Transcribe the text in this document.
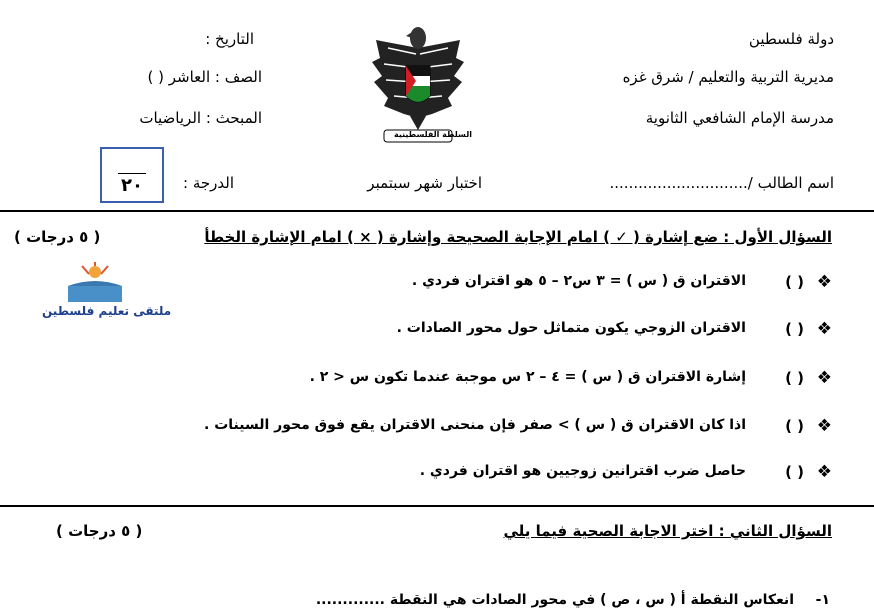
دولة فلسطين
مديرية التربية والتعليم / شرق غزه
مدرسة الإمام الشافعي الثانوية
التاريخ :
الصف : العاشر ( )
المبحث : الرياضيات
السلطة الفلسطينية
اسم الطالب /.............................
اختبار شهر سبتمبر
الدرجة :
٢٠
السؤال الأول : ضع إشارة ( ✓ ) امام الإجابة الصحيحة وإشارة ( × ) امام الإشارة الخطأ
( ٥ درجات )
ملتقى تعليم فلسطين
❖
( )
الاقتران ق ( س ) = ٣ س٢ – ٥ هو اقتران فردي .
❖
( )
الاقتران الزوجي يكون متماثل حول محور الصادات .
❖
( )
إشارة الاقتران ق ( س ) = ٤ – ٢ س موجبة عندما تكون س < ٢ .
❖
( )
اذا كان الاقتران ق ( س ) > صفر فإن منحنى الاقتران يقع فوق محور السينات .
❖
( )
حاصل ضرب اقترانين زوجيين هو اقتران فردي .
السؤال الثاني : اختر الاجابة الصحية فيما يلي
( ٥ درجات )
١-
انعكاس النقطة أ ( س ، ص ) في محور الصادات هي النقطة .............
